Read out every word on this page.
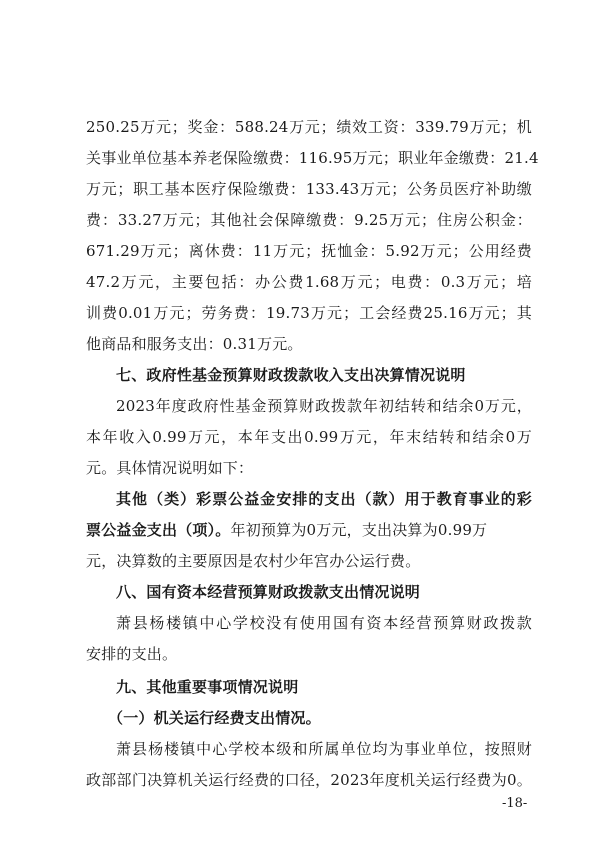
250.25万元；奖金：588.24万元；绩效工资：339.79万元；机
关事业单位基本养老保险缴费：116.95万元；职业年金缴费：21.4
万元；职工基本医疗保险缴费：133.43万元；公务员医疗补助缴
费：33.27万元；其他社会保障缴费：9.25万元；住房公积金：
671.29万元；离休费：11万元；抚恤金：5.92万元；公用经费
47.2万元，主要包括：办公费1.68万元；电费：0.3万元；培
训费0.01万元；劳务费：19.73万元；工会经费25.16万元；其
他商品和服务支出：0.31万元。
七、政府性基金预算财政拨款收入支出决算情况说明
2023年度政府性基金预算财政拨款年初结转和结余0万元，
本年收入0.99万元，本年支出0.99万元，年末结转和结余0万
元。具体情况说明如下：
其他（类）彩票公益金安排的支出（款）用于教育事业的彩
票公益金支出（项）。年初预算为0万元，支出决算为0.99万
元，决算数的主要原因是农村少年宫办公运行费。
八、国有资本经营预算财政拨款支出情况说明
萧县杨楼镇中心学校没有使用国有资本经营预算财政拨款
安排的支出。
九、其他重要事项情况说明
（一）机关运行经费支出情况。
萧县杨楼镇中心学校本级和所属单位均为事业单位，按照财
政部部门决算机关运行经费的口径，2023年度机关运行经费为0。
-18-
